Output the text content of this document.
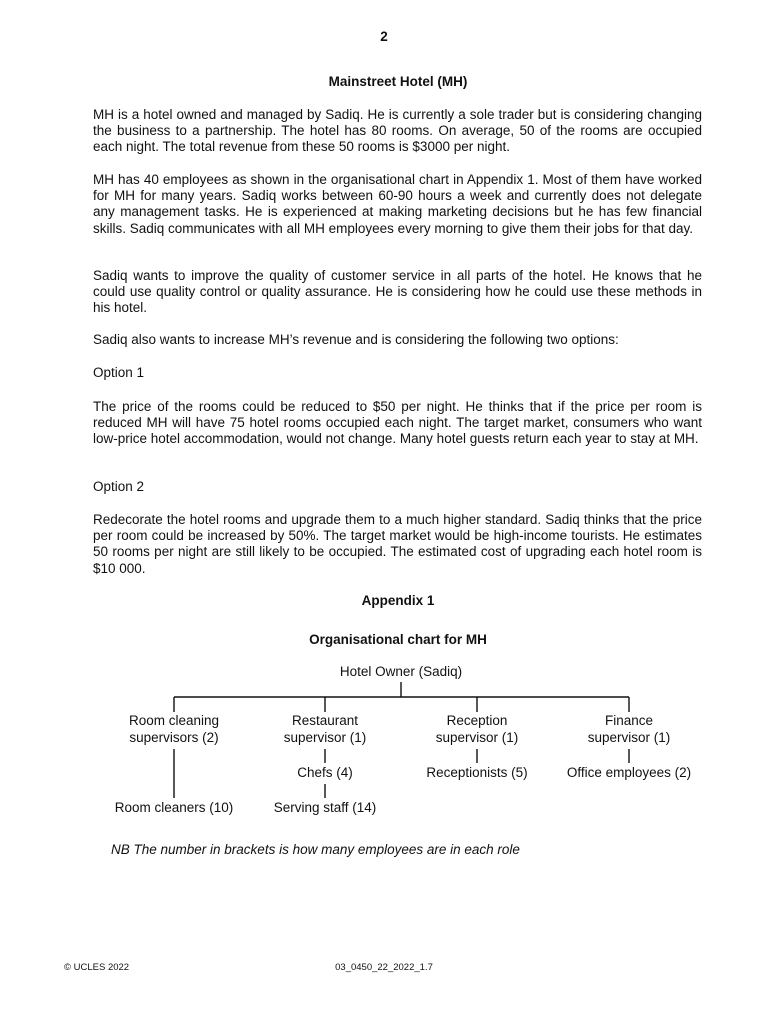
2
Mainstreet Hotel (MH)
MH is a hotel owned and managed by Sadiq. He is currently a sole trader but is considering changing the business to a partnership. The hotel has 80 rooms. On average, 50 of the rooms are occupied each night. The total revenue from these 50 rooms is $3000 per night.
MH has 40 employees as shown in the organisational chart in Appendix 1. Most of them have worked for MH for many years. Sadiq works between 60-90 hours a week and currently does not delegate any management tasks. He is experienced at making marketing decisions but he has few financial skills. Sadiq communicates with all MH employees every morning to give them their jobs for that day.
Sadiq wants to improve the quality of customer service in all parts of the hotel. He knows that he could use quality control or quality assurance. He is considering how he could use these methods in his hotel.
Sadiq also wants to increase MH’s revenue and is considering the following two options:
Option 1
The price of the rooms could be reduced to $50 per night. He thinks that if the price per room is reduced MH will have 75 hotel rooms occupied each night. The target market, consumers who want low-price hotel accommodation, would not change. Many hotel guests return each year to stay at MH.
Option 2
Redecorate the hotel rooms and upgrade them to a much higher standard. Sadiq thinks that the price per room could be increased by 50%. The target market would be high-income tourists. He estimates 50 rooms per night are still likely to be occupied. The estimated cost of upgrading each hotel room is $10 000.
Appendix 1
Organisational chart for MH
Hotel Owner (Sadiq)
Room cleaning
supervisors (2)
Restaurant
supervisor (1)
Reception
supervisor (1)
Finance
supervisor (1)
Chefs (4)	Receptionists (5)	Office employees (2)
Room cleaners (10)	Serving staff (14)
NB The number in brackets is how many employees are in each role
© UCLES 2022	03_0450_22_2022_1.7
